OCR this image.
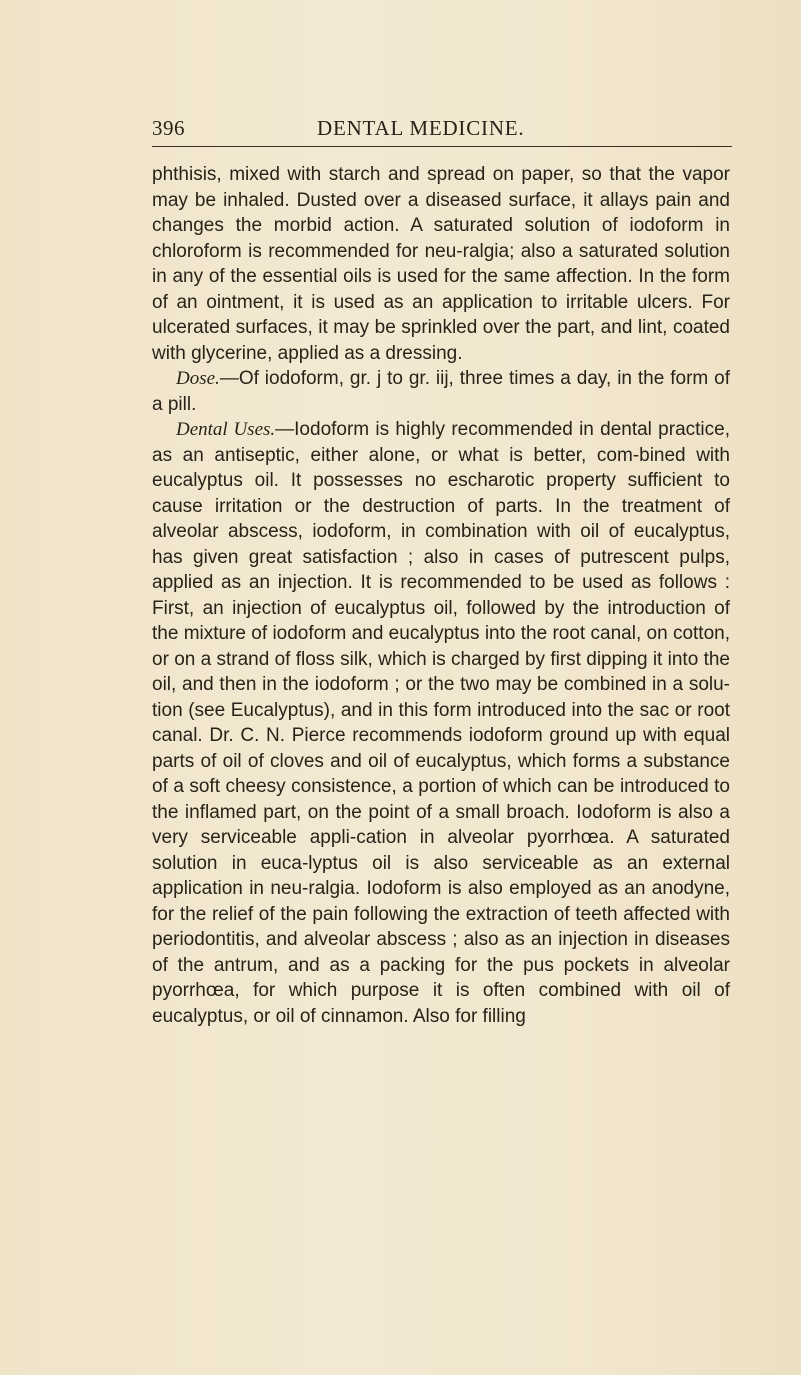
396	DENTAL MEDICINE.

phthisis, mixed with starch and spread on paper, so that the vapor may be inhaled. Dusted over a diseased surface, it allays pain and changes the morbid action. A saturated solution of iodoform in chloroform is recommended for neu-ralgia; also a saturated solution in any of the essential oils is used for the same affection. In the form of an ointment, it is used as an application to irritable ulcers. For ulcerated surfaces, it may be sprinkled over the part, and lint, coated with glycerine, applied as a dressing.

Dose.—Of iodoform, gr. j to gr. iij, three times a day, in the form of a pill.

Dental Uses.—Iodoform is highly recommended in dental practice, as an antiseptic, either alone, or what is better, com-bined with eucalyptus oil. It possesses no escharotic property sufficient to cause irritation or the destruction of parts. In the treatment of alveolar abscess, iodoform, in combination with oil of eucalyptus, has given great satisfaction ; also in cases of putrescent pulps, applied as an injection. It is recommended to be used as follows : First, an injection of eucalyptus oil, followed by the introduction of the mixture of iodoform and eucalyptus into the root canal, on cotton, or on a strand of floss silk, which is charged by first dipping it into the oil, and then in the iodoform ; or the two may be combined in a solu-tion (see Eucalyptus), and in this form introduced into the sac or root canal. Dr. C. N. Pierce recommends iodoform ground up with equal parts of oil of cloves and oil of eucalyptus, which forms a substance of a soft cheesy consistence, a portion of which can be introduced to the inflamed part, on the point of a small broach. Iodoform is also a very serviceable appli-cation in alveolar pyorrhœa. A saturated solution in euca-lyptus oil is also serviceable as an external application in neu-ralgia. Iodoform is also employed as an anodyne, for the relief of the pain following the extraction of teeth affected with periodontitis, and alveolar abscess ; also as an injection in diseases of the antrum, and as a packing for the pus pockets in alveolar pyorrhœa, for which purpose it is often combined with oil of eucalyptus, or oil of cinnamon. Also for filling
